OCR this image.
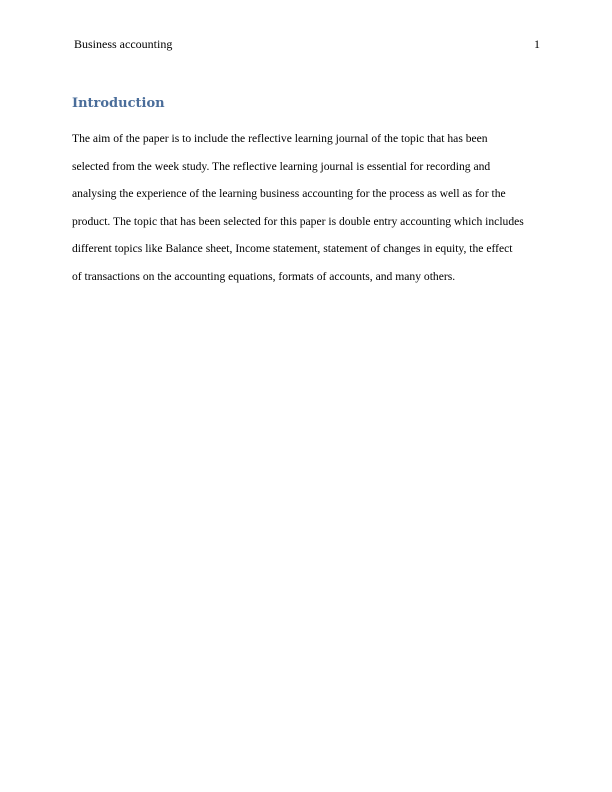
Business accounting	1
Introduction
The aim of the paper is to include the reflective learning journal of the topic that has been
selected from the week study. The reflective learning journal is essential for recording and
analysing the experience of the learning business accounting for the process as well as for the
product. The topic that has been selected for this paper is double entry accounting which includes
different topics like Balance sheet, Income statement, statement of changes in equity, the effect
of transactions on the accounting equations, formats of accounts, and many others.
